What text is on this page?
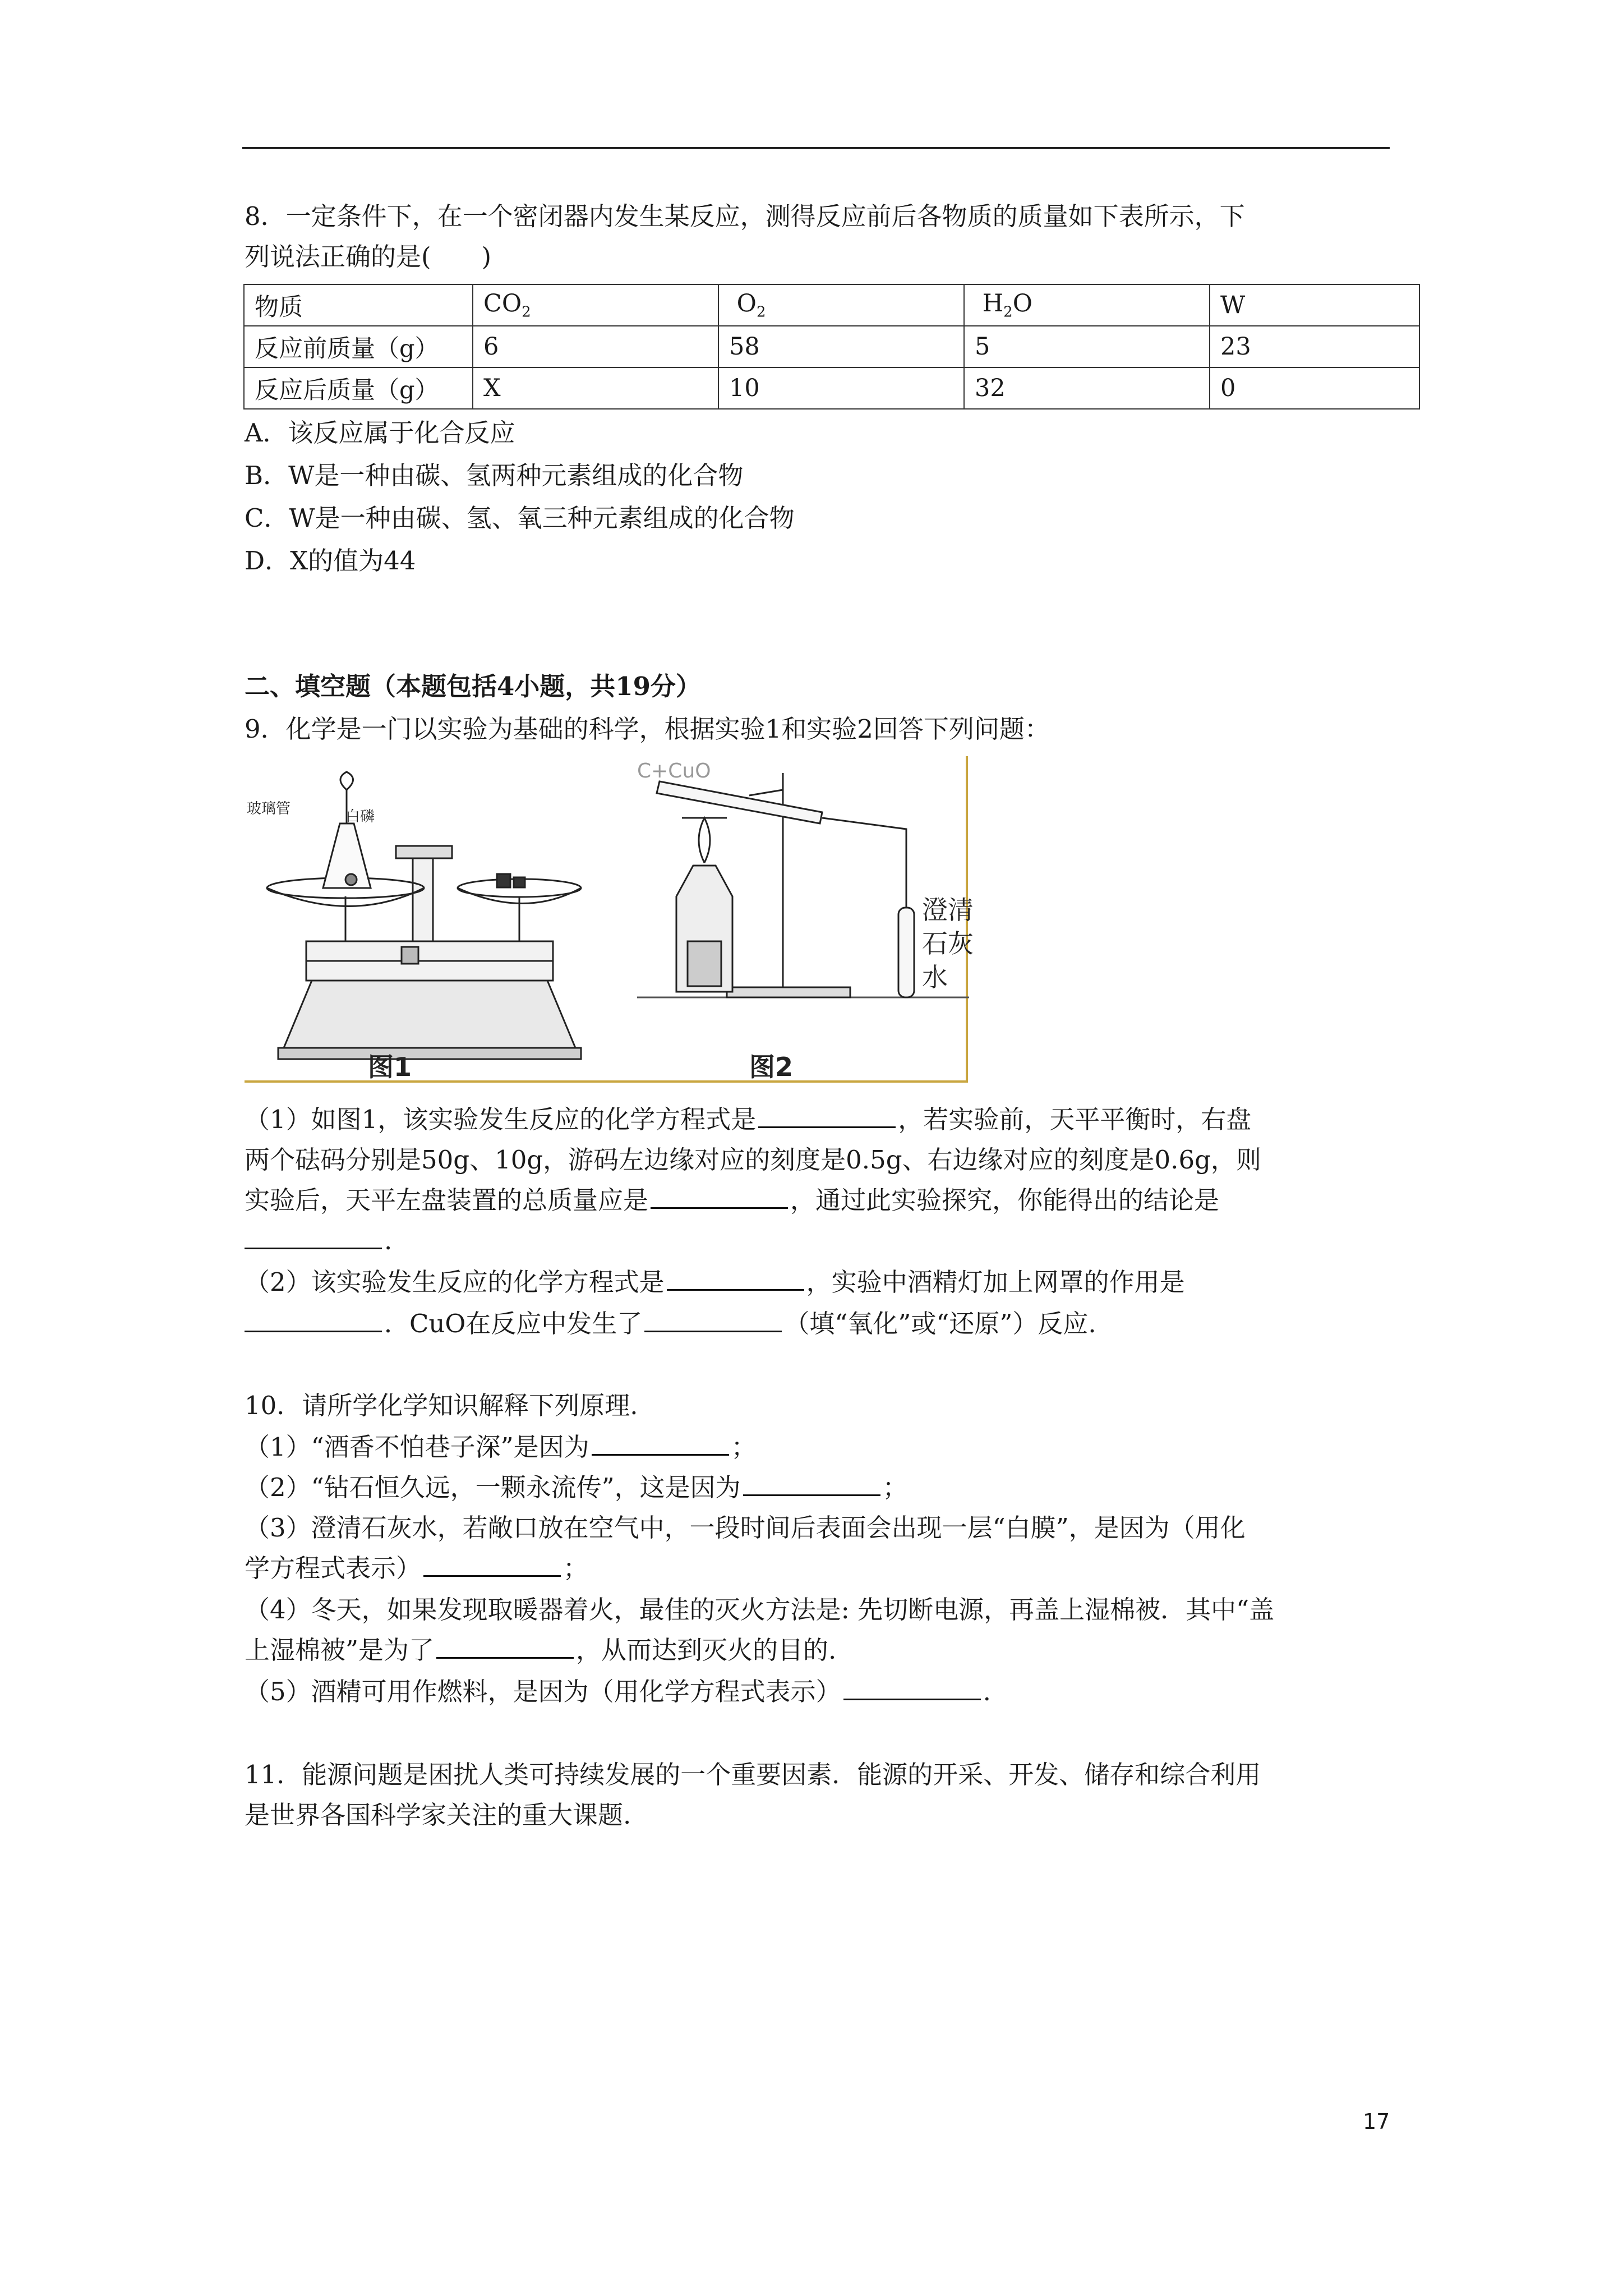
8．一定条件下，在一个密闭器内发生某反应，测得反应前后各物质的质量如下表所示，下
列说法正确的是(　　)
物质	$CO_2$	$O_2$	$H_2O$	W
反应前质量（g）	6	58	5	23
反应后质量（g）	X	10	32	0
A．该反应属于化合反应
B．W是一种由碳、氢两种元素组成的化合物
C．W是一种由碳、氢、氧三种元素组成的化合物
D．X的值为44
二、填空题（本题包括4小题，共19分）
9．化学是一门以实验为基础的科学，根据实验1和实验2回答下列问题：
玻璃管	白磷
图1
C+CuO
澄清
石灰
水
图2
（1）如图1，该实验发生反应的化学方程式是	，若实验前，天平平衡时，右盘
两个砝码分别是50g、10g，游码左边缘对应的刻度是0.5g、右边缘对应的刻度是0.6g，则
实验后，天平左盘装置的总质量应是	，通过此实验探究，你能得出的结论是
.
（2）该实验发生反应的化学方程式是	，实验中酒精灯加上网罩的作用是
．CuO在反应中发生了	（填“氧化”或“还原”）反应.
10．请所学化学知识解释下列原理.
（1）“酒香不怕巷子深”是因为	；
（2）“钻石恒久远，一颗永流传”，这是因为	；
（3）澄清石灰水，若敞口放在空气中，一段时间后表面会出现一层“白膜”，是因为（用化
学方程式表示）	；
（4）冬天，如果发现取暖器着火，最佳的灭火方法是: 先切断电源，再盖上湿棉被．其中“盖
上湿棉被”是为了	，从而达到灭火的目的.
（5）酒精可用作燃料，是因为（用化学方程式表示）	.
11．能源问题是困扰人类可持续发展的一个重要因素．能源的开采、开发、储存和综合利用
是世界各国科学家关注的重大课题.
17
